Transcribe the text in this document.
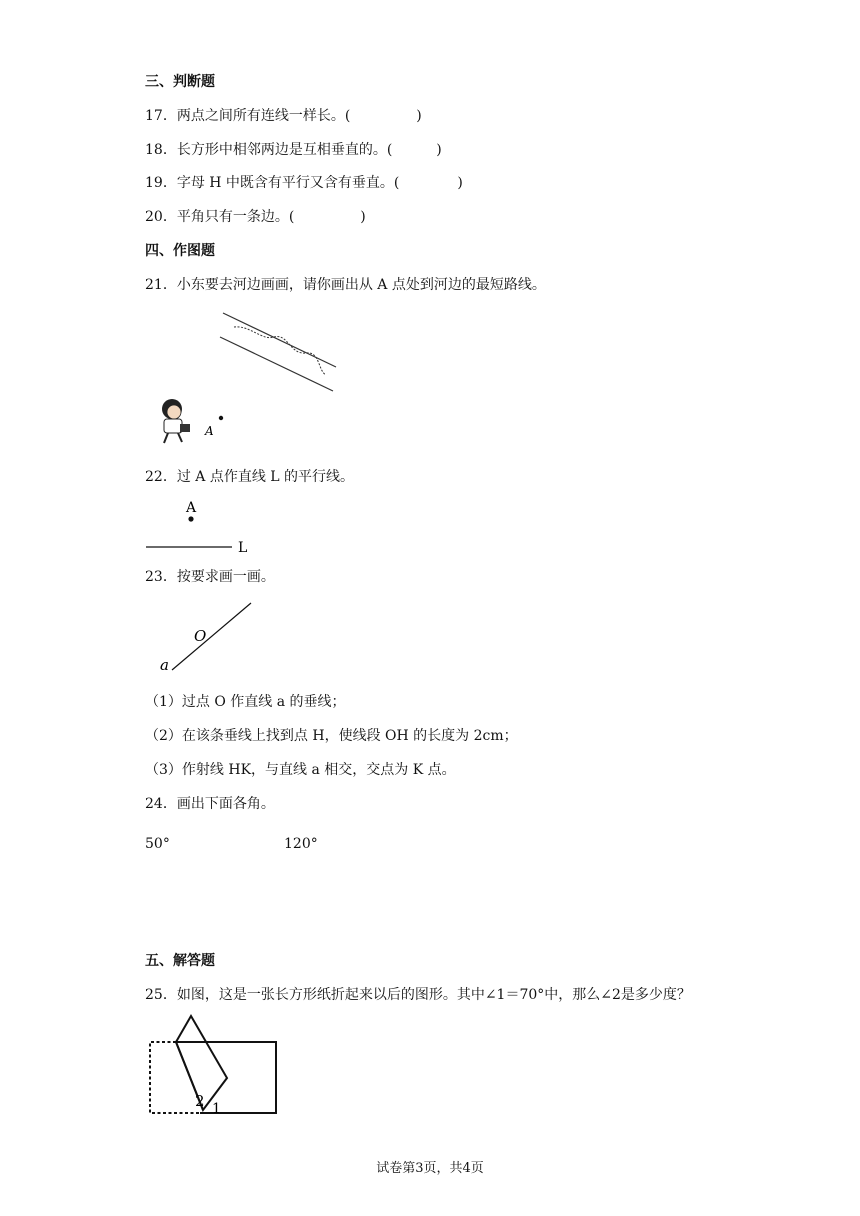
三、判断题
17．两点之间所有连线一样长。(	)
18．长方形中相邻两边是互相垂直的。(	)
19．字母 H 中既含有平行又含有垂直。(	)
20．平角只有一条边。(	)
四、作图题
21．小东要去河边画画，请你画出从 A 点处到河边的最短路线。
A
22．过 A 点作直线 L 的平行线。
A
L
23．按要求画一画。
O
a
（1）过点 O 作直线 a 的垂线；
（2）在该条垂线上找到点 H，使线段 OH 的长度为 2cm；
（3）作射线 HK，与直线 a 相交，交点为 K 点。
24．画出下面各角。
50°	120°
五、解答题
25．如图，这是一张长方形纸折起来以后的图形。其中∠1＝70°中，那么∠2是多少度？
2 1
试卷第3页，共4页
